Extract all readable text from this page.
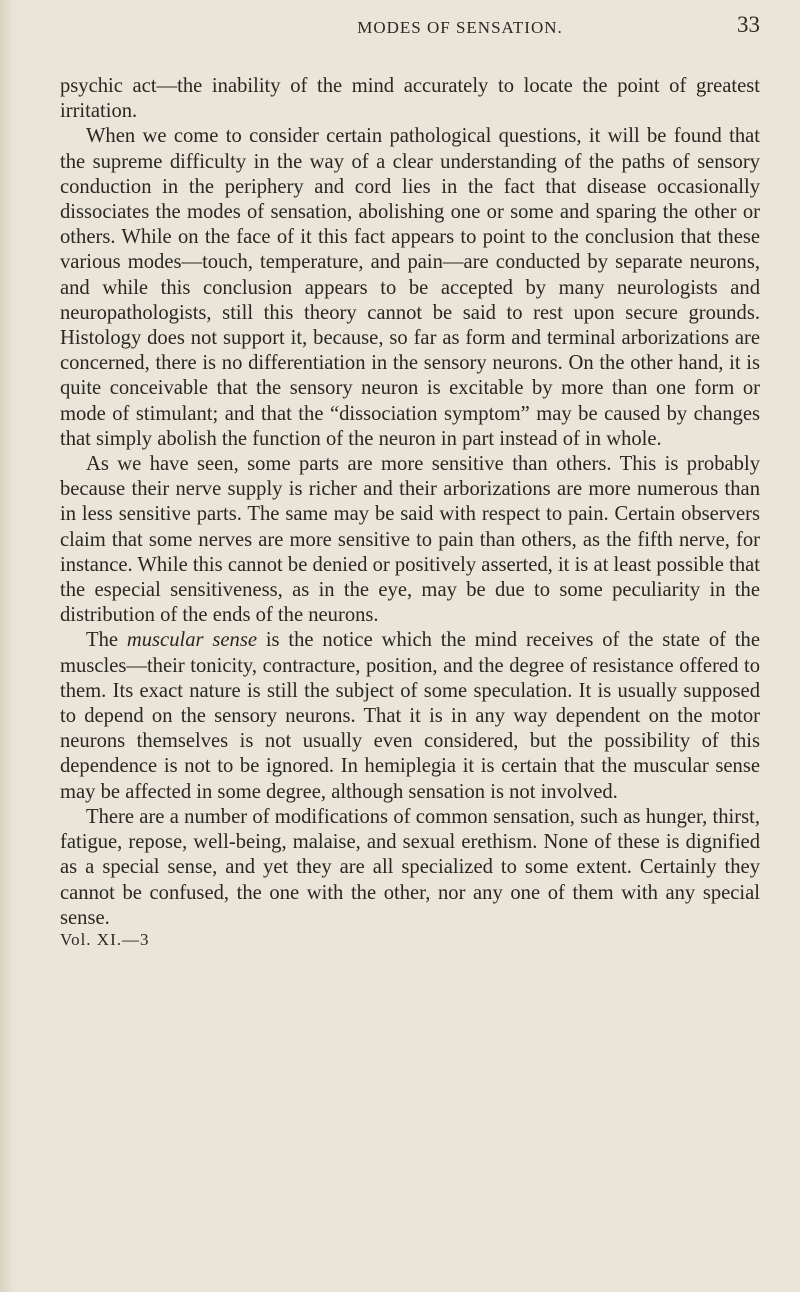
MODES OF SENSATION.	33

psychic act—the inability of the mind accurately to locate the point of greatest irritation.

When we come to consider certain pathological questions, it will be found that the supreme difficulty in the way of a clear understanding of the paths of sensory conduction in the periphery and cord lies in the fact that disease occasionally dissociates the modes of sensation, abolishing one or some and sparing the other or others. While on the face of it this fact appears to point to the conclusion that these various modes—touch, temperature, and pain—are conducted by separate neurons, and while this conclusion appears to be accepted by many neurologists and neuropathologists, still this theory cannot be said to rest upon secure grounds. Histology does not support it, because, so far as form and terminal arborizations are concerned, there is no differentiation in the sensory neurons. On the other hand, it is quite conceivable that the sensory neuron is excitable by more than one form or mode of stimulant; and that the “dissociation symptom” may be caused by changes that simply abolish the function of the neuron in part instead of in whole.

As we have seen, some parts are more sensitive than others. This is probably because their nerve supply is richer and their arborizations are more numerous than in less sensitive parts. The same may be said with respect to pain. Certain observers claim that some nerves are more sensitive to pain than others, as the fifth nerve, for instance. While this cannot be denied or positively asserted, it is at least possible that the especial sensitiveness, as in the eye, may be due to some peculiarity in the distribution of the ends of the neurons.

The muscular sense is the notice which the mind receives of the state of the muscles—their tonicity, contracture, position, and the degree of resistance offered to them. Its exact nature is still the subject of some speculation. It is usually supposed to depend on the sensory neurons. That it is in any way dependent on the motor neurons themselves is not usually even considered, but the possibility of this dependence is not to be ignored. In hemiplegia it is certain that the muscular sense may be affected in some degree, although sensation is not involved.

There are a number of modifications of common sensation, such as hunger, thirst, fatigue, repose, well-being, malaise, and sexual erethism. None of these is dignified as a special sense, and yet they are all specialized to some extent. Certainly they cannot be confused, the one with the other, nor any one of them with any special sense.

Vol. XI.—3
